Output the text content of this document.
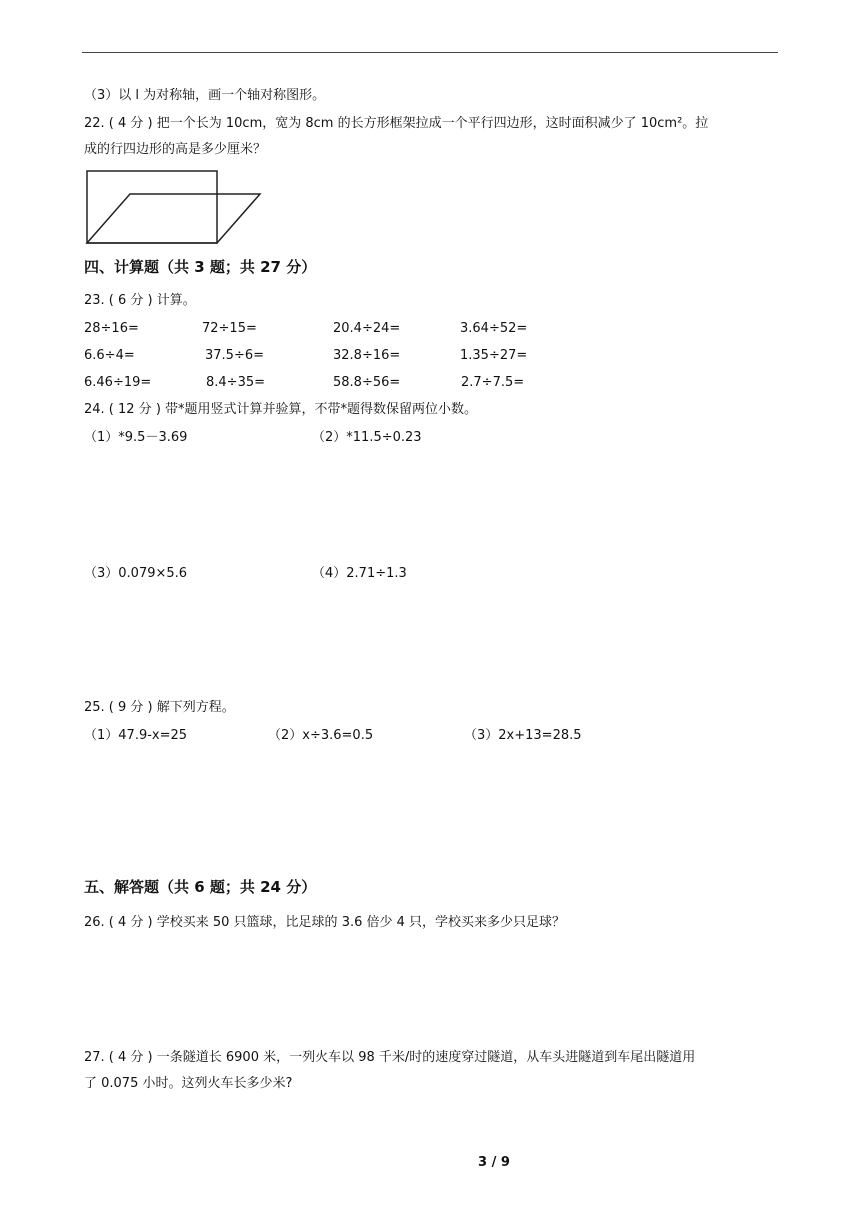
（3）以 l 为对称轴，画一个轴对称图形。
22. ( 4 分 ) 把一个长为 10cm，宽为 8cm 的长方形框架拉成一个平行四边形，这时面积减少了 10cm²。拉
成的行四边形的高是多少厘米？
四、计算题（共 3 题；共 27 分）
23. ( 6 分 ) 计算。
28÷16=	72÷15=	20.4÷24=	3.64÷52=
6.6÷4=	37.5÷6=	32.8÷16=	1.35÷27=
6.46÷19=	8.4÷35=	58.8÷56=	2.7÷7.5=
24. ( 12 分 ) 带*题用竖式计算并验算，不带*题得数保留两位小数。
（1）*9.5－3.69	（2）*11.5÷0.23
（3）0.079×5.6	（4）2.71÷1.3
25. ( 9 分 ) 解下列方程。
（1）47.9-x=25	（2）x÷3.6=0.5	（3）2x+13=28.5
五、解答题（共 6 题；共 24 分）
26. ( 4 分 ) 学校买来 50 只篮球，比足球的 3.6 倍少 4 只，学校买来多少只足球？
27. ( 4 分 ) 一条隧道长 6900 米，一列火车以 98 千米/时的速度穿过隧道，从车头进隧道到车尾出隧道用
了 0.075 小时。这列火车长多少米?
3 / 9
